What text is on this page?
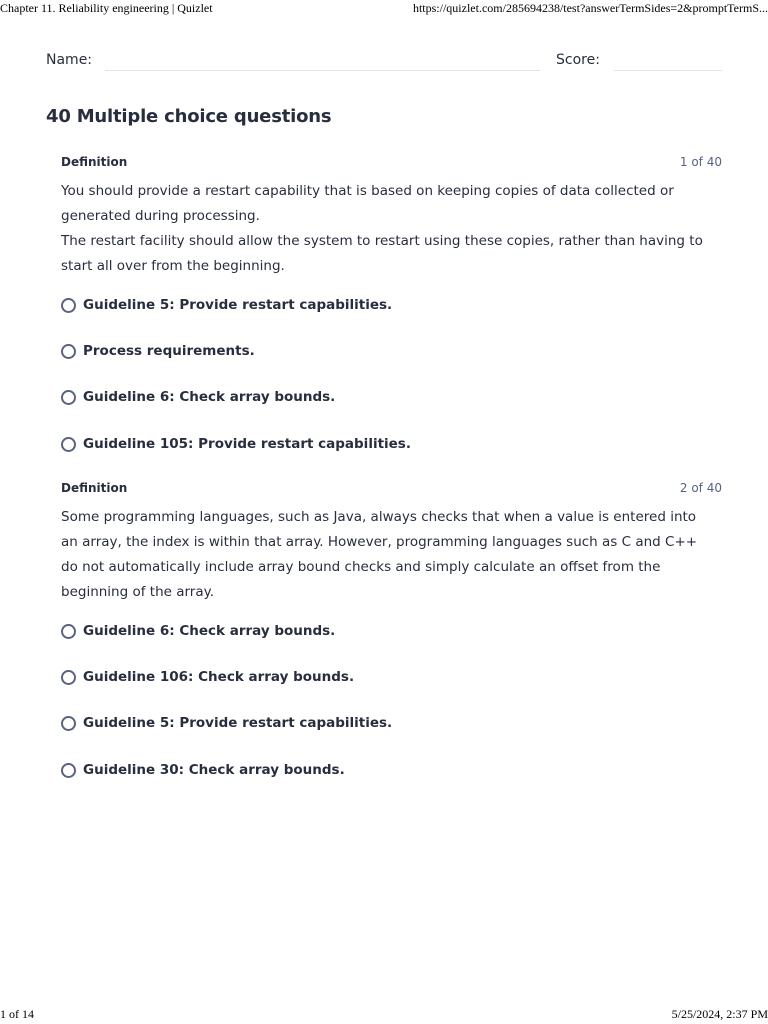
Chapter 11. Reliability engineering | Quizlet	https://quizlet.com/285694238/test?answerTermSides=2&promptTermS...
Name:	Score:
40 Multiple choice questions
Definition	1 of 40
You should provide a restart capability that is based on keeping copies of data collected or generated during processing.
The restart facility should allow the system to restart using these copies, rather than having to start all over from the beginning.
Guideline 5: Provide restart capabilities.
Process requirements.
Guideline 6: Check array bounds.
Guideline 105: Provide restart capabilities.
Definition	2 of 40
Some programming languages, such as Java, always checks that when a value is entered into an array, the index is within that array. However, programming languages such as C and C++ do not automatically include array bound checks and simply calculate an offset from the beginning of the array.
Guideline 6: Check array bounds.
Guideline 106: Check array bounds.
Guideline 5: Provide restart capabilities.
Guideline 30: Check array bounds.
1 of 14	5/25/2024, 2:37 PM
